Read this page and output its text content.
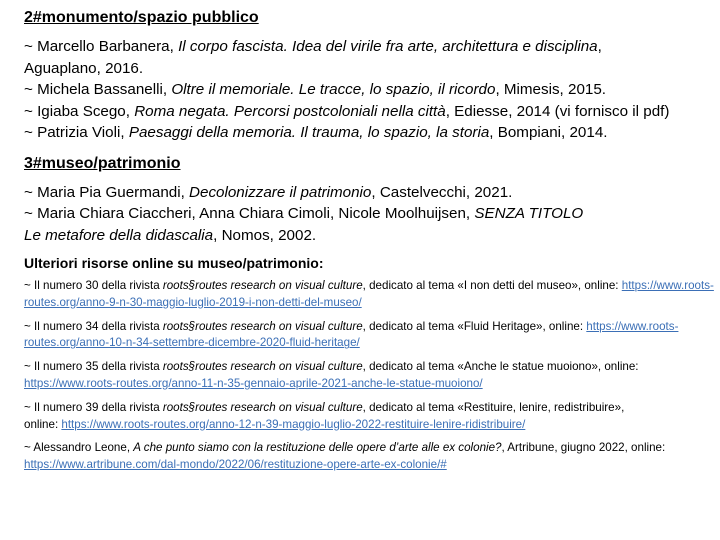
2#monumento/spazio pubblico

~ Marcello Barbanera, Il corpo fascista. Idea del virile fra arte, architettura e disciplina, Aguaplano, 2016.

~ Michela Bassanelli, Oltre il memoriale. Le tracce, lo spazio, il ricordo, Mimesis, 2015.

~ Igiaba Scego, Roma negata. Percorsi postcoloniali nella città, Ediesse, 2014 (vi fornisco il pdf)

~ Patrizia Violi, Paesaggi della memoria. Il trauma, lo spazio, la storia, Bompiani, 2014.

3#museo/patrimonio

~ Maria Pia Guermandi, Decolonizzare il patrimonio, Castelvecchi, 2021.

~ Maria Chiara Ciaccheri, Anna Chiara Cimoli, Nicole Moolhuijsen, SENZA TITOLO Le metafore della didascalia, Nomos, 2002.

Ulteriori risorse online su museo/patrimonio:

~ Il numero 30 della rivista roots§routes research on visual culture, dedicato al tema «I non detti del museo», online: https://www.roots-routes.org/anno-9-n-30-maggio-luglio-2019-i-non-detti-del-museo/

~ Il numero 34 della rivista roots§routes research on visual culture, dedicato al tema «Fluid Heritage», online: https://www.roots-routes.org/anno-10-n-34-settembre-dicembre-2020-fluid-heritage/

~ Il numero 35 della rivista roots§routes research on visual culture, dedicato al tema «Anche le statue muoiono», online: https://www.roots-routes.org/anno-11-n-35-gennaio-aprile-2021-anche-le-statue-muoiono/

~ Il numero 39 della rivista roots§routes research on visual culture, dedicato al tema «Restituire, lenire, redistribuire», online: https://www.roots-routes.org/anno-12-n-39-maggio-luglio-2022-restituire-lenire-ridistribuire/

~ Alessandro Leone, A che punto siamo con la restituzione delle opere d’arte alle ex colonie?, Artribune, giugno 2022, online: https://www.artribune.com/dal-mondo/2022/06/restituzione-opere-arte-ex-colonie/#
